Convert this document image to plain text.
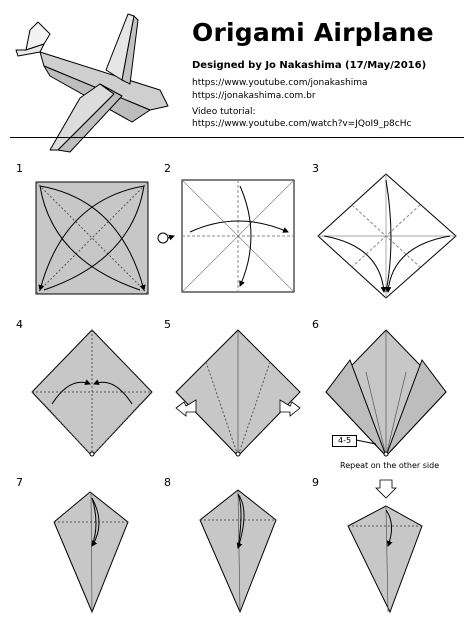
Origami Airplane
Designed by Jo Nakashima (17/May/2016)
https://www.youtube.com/jonakashima
https://jonakashima.com.br
Video tutorial:
https://www.youtube.com/watch?v=JQoI9_p8cHc
1	2	3
4	5	6
7	8	9
4-5
Repeat on the other side
